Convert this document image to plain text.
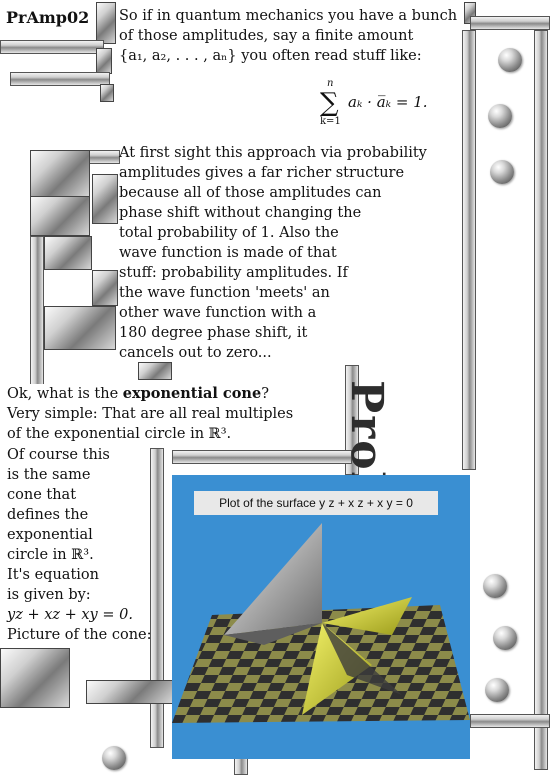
PrAmp02 So if in quantum mechanics you have a bunch
of those amplitudes, say a finite amount
{a₁, a₂, . . . , aₙ} you often read stuff like:
n
∑
k=1
aₖ · a̅ₖ = 1.
At first sight this approach via probability
amplitudes gives a far richer structure
because all of those amplitudes can
phase shift without changing the
total probability of 1. Also the
wave function is made of that
stuff: probability amplitudes. If
the wave function 'meets' an
other wave function with a
180 degree phase shift, it
cancels out to zero...
Ok, what is the exponential cone?
Very simple: That are all real multiples
of the exponential circle in ℝ³.
Of course this
is the same
cone that
defines the
exponential
circle in ℝ³.
It's equation
is given by:
yz + xz + xy = 0.
Picture of the cone:
Plot of the surface y z + x z + x y = 0
